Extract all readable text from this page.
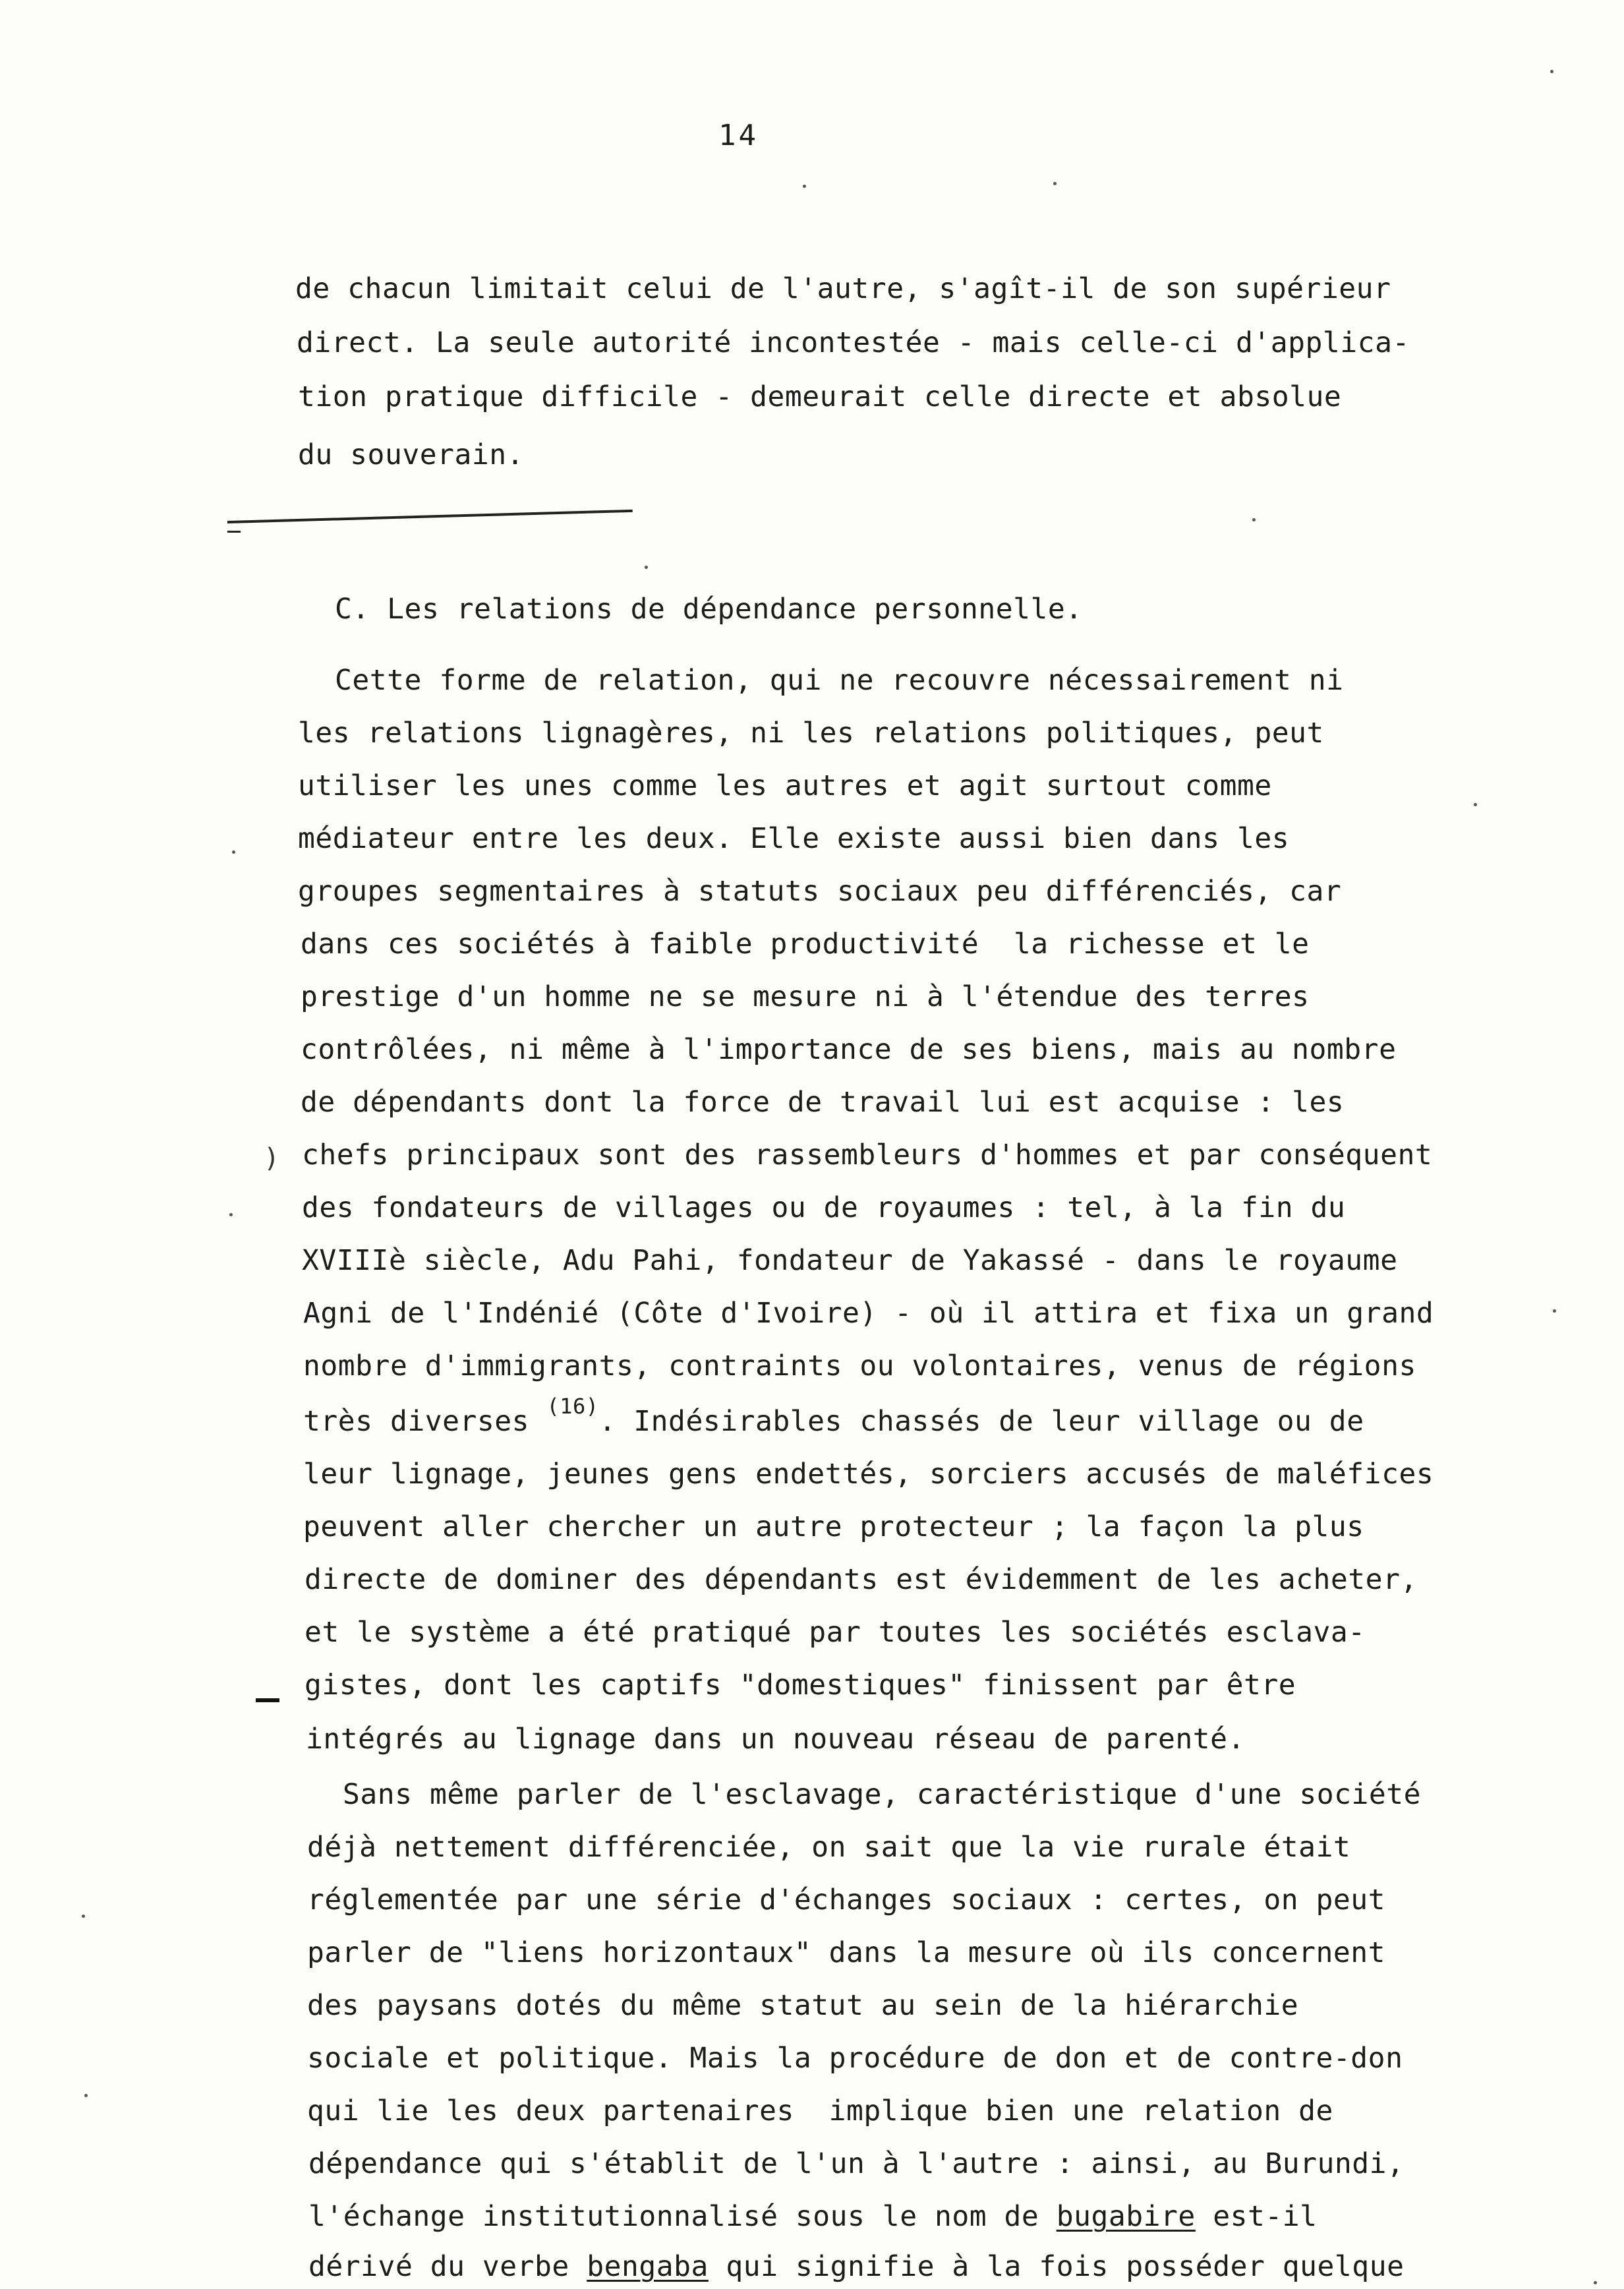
14
de chacun limitait celui de l'autre, s'agît-il de son supérieur
direct. La seule autorité incontestée - mais celle-ci d'applica-
tion pratique difficile - demeurait celle directe et absolue
du souverain.
C. Les relations de dépendance personnelle.
Cette forme de relation, qui ne recouvre nécessairement ni
les relations lignagères, ni les relations politiques, peut
utiliser les unes comme les autres et agit surtout comme
médiateur entre les deux. Elle existe aussi bien dans les
groupes segmentaires à statuts sociaux peu différenciés, car
dans ces sociétés à faible productivité  la richesse et le
prestige d'un homme ne se mesure ni à l'étendue des terres
contrôlées, ni même à l'importance de ses biens, mais au nombre
de dépendants dont la force de travail lui est acquise : les
chefs principaux sont des rassembleurs d'hommes et par conséquent
des fondateurs de villages ou de royaumes : tel, à la fin du
XVIIIè siècle, Adu Pahi, fondateur de Yakassé - dans le royaume
Agni de l'Indénié (Côte d'Ivoire) - où il attira et fixa un grand
nombre d'immigrants, contraints ou volontaires, venus de régions
très diverses $^{(16)}$. Indésirables chassés de leur village ou de
leur lignage, jeunes gens endettés, sorciers accusés de maléfices
peuvent aller chercher un autre protecteur ; la façon la plus
directe de dominer des dépendants est évidemment de les acheter,
et le système a été pratiqué par toutes les sociétés esclava-
gistes, dont les captifs "domestiques" finissent par être
intégrés au lignage dans un nouveau réseau de parenté.
Sans même parler de l'esclavage, caractéristique d'une société
déjà nettement différenciée, on sait que la vie rurale était
réglementée par une série d'échanges sociaux : certes, on peut
parler de "liens horizontaux" dans la mesure où ils concernent
des paysans dotés du même statut au sein de la hiérarchie
sociale et politique. Mais la procédure de don et de contre-don
qui lie les deux partenaires  implique bien une relation de
dépendance qui s'établit de l'un à l'autre : ainsi, au Burundi,
l'échange institutionnalisé sous le nom de bugabire est-il
dérivé du verbe bengaba qui signifie à la fois posséder quelque
)
